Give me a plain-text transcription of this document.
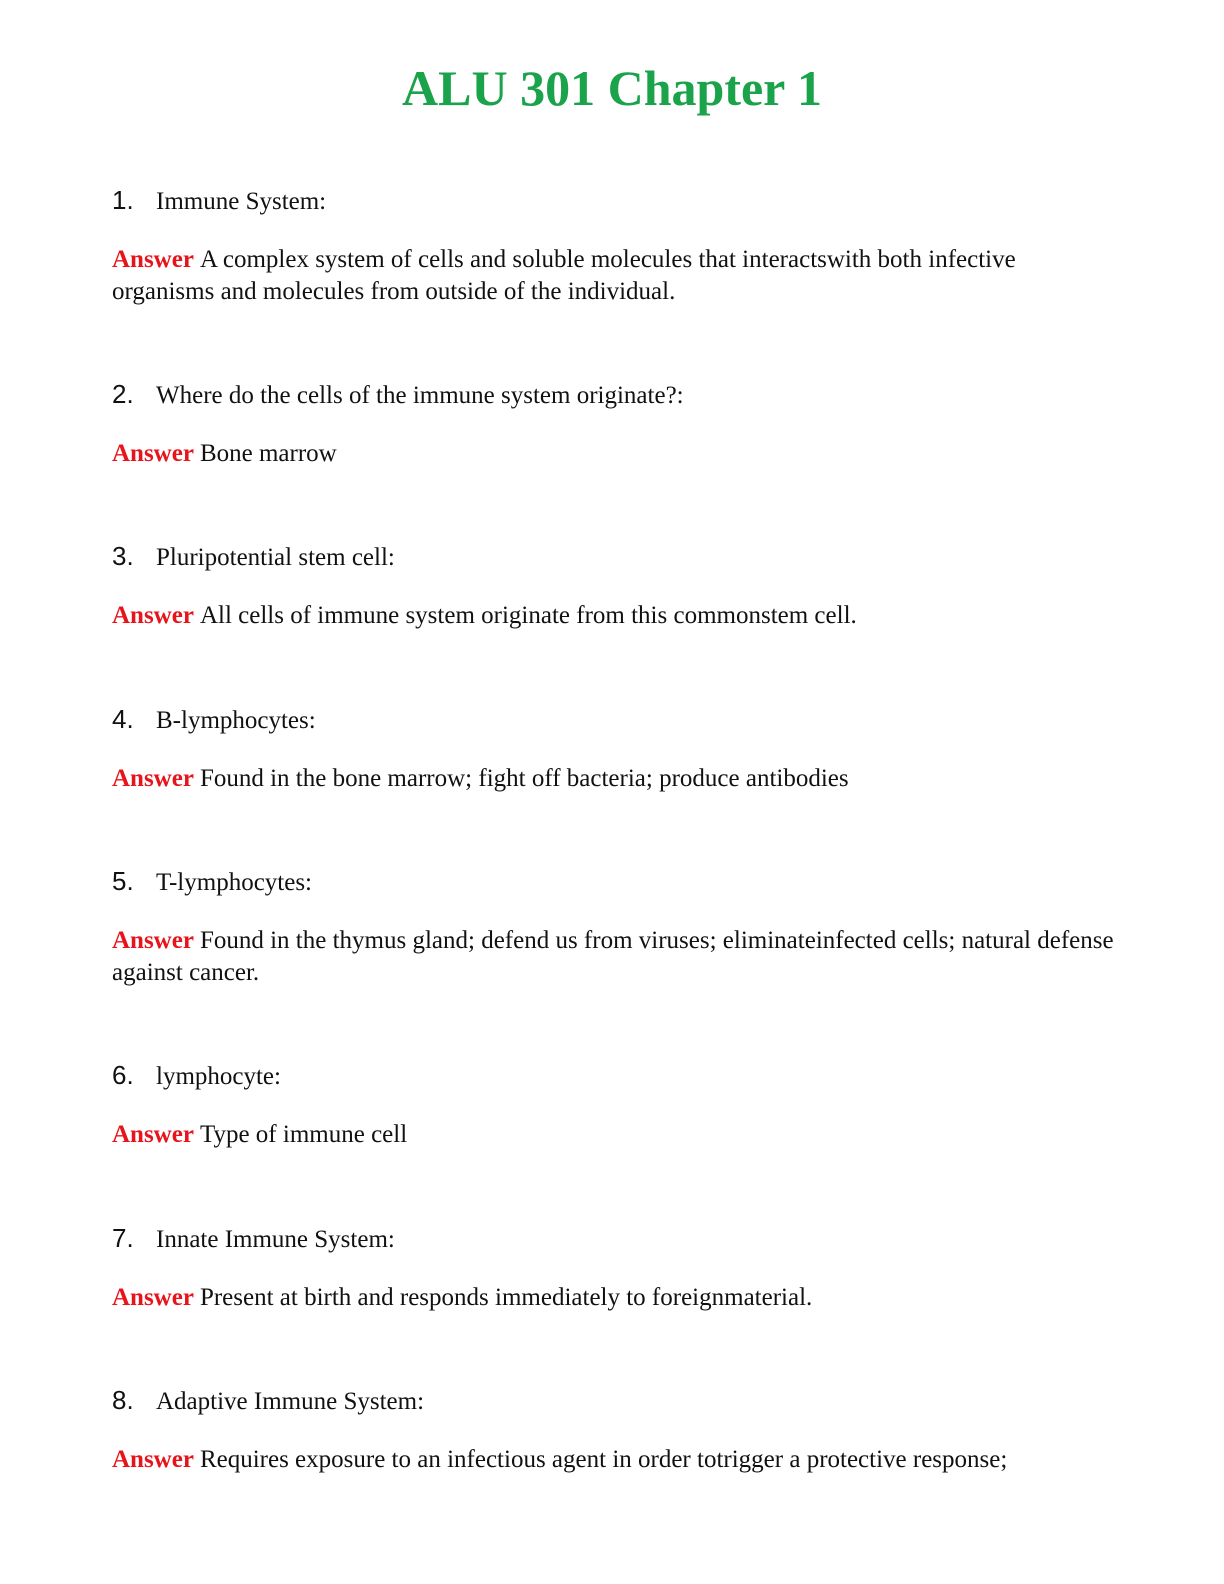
ALU 301 Chapter 1
1. Immune System:
Answer A complex system of cells and soluble molecules that interactswith both infective organisms and molecules from outside of the individual.
2. Where do the cells of the immune system originate?:
Answer Bone marrow
3. Pluripotential stem cell:
Answer All cells of immune system originate from this commonstem cell.
4. B-lymphocytes:
Answer Found in the bone marrow; fight off bacteria; produce antibodies
5. T-lymphocytes:
Answer Found in the thymus gland; defend us from viruses; eliminateinfected cells; natural defense against cancer.
6. lymphocyte:
Answer Type of immune cell
7. Innate Immune System:
Answer Present at birth and responds immediately to foreignmaterial.
8. Adaptive Immune System:
Answer Requires exposure to an infectious agent in order totrigger a protective response;
